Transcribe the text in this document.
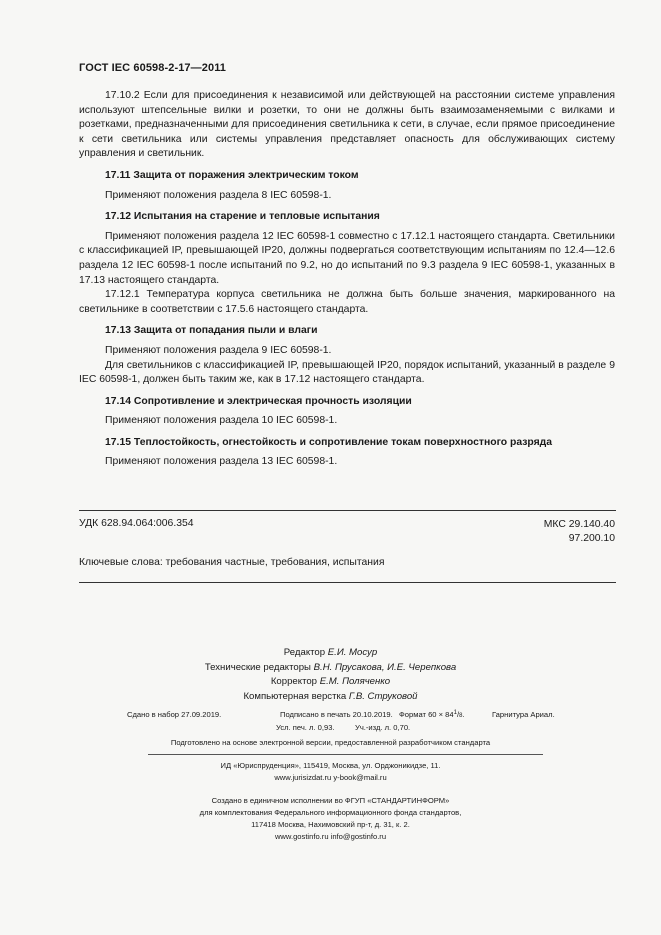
ГОСТ IEC 60598-2-17—2011

17.10.2 Если для присоединения к независимой или действующей на расстоянии системе управления используют штепсельные вилки и розетки, то они не должны быть взаимозаменяемыми с вилками и розетками, предназначенными для присоединения светильника к сети, в случае, если прямое присоединение к сети светильника или системы управления представляет опасность для обслуживающих систему управления и светильник.

17.11 Защита от поражения электрическим током

Применяют положения раздела 8 IEC 60598-1.

17.12 Испытания на старение и тепловые испытания

Применяют положения раздела 12 IEC 60598-1 совместно с 17.12.1 настоящего стандарта. Светильники с классификацией IP, превышающей IP20, должны подвергаться соответствующим испытаниям по 12.4—12.6 раздела 12 IEC 60598-1 после испытаний по 9.2, но до испытаний по 9.3 раздела 9 IEC 60598-1, указанных в 17.13 настоящего стандарта.

17.12.1 Температура корпуса светильника не должна быть больше значения, маркированного на светильнике в соответствии с 17.5.6 настоящего стандарта.

17.13 Защита от попадания пыли и влаги

Применяют положения раздела 9 IEC 60598-1.

Для светильников с классификацией IP, превышающей IP20, порядок испытаний, указанный в разделе 9 IEC 60598-1, должен быть таким же, как в 17.12 настоящего стандарта.

17.14 Сопротивление и электрическая прочность изоляции

Применяют положения раздела 10 IEC 60598-1.

17.15 Теплостойкость, огнестойкость и сопротивление токам поверхностного разряда

Применяют положения раздела 13 IEC 60598-1.

УДК 628.94.064:006.354	МКС 29.140.40
97.200.10
Ключевые слова: требования частные, требования, испытания
Редактор Е.И. Мосур
Технические редакторы В.Н. Прусакова, И.Е. Черепкова
Корректор Е.М. Поляченко
Компьютерная верстка Г.В. Струковой
Сдано в набор 27.09.2019.	Подписано в печать 20.10.2019. Формат $60 \times 84^1/8$.	Гарнитура Ариал.
Усл. печ. л. 0,93.	Уч.-изд. л. 0,70.
Подготовлено на основе электронной версии, предоставленной разработчиком стандарта
ИД «Юриспруденция», 115419, Москва, ул. Орджоникидзе, 11.
www.jurisizdat.ru y-book@mail.ru
Создано в единичном исполнении во ФГУП «СТАНДАРТИНФОРМ»
для комплектования Федерального информационного фонда стандартов,
117418 Москва, Нахимовский пр-т, д. 31, к. 2.
www.gostinfo.ru info@gostinfo.ru
